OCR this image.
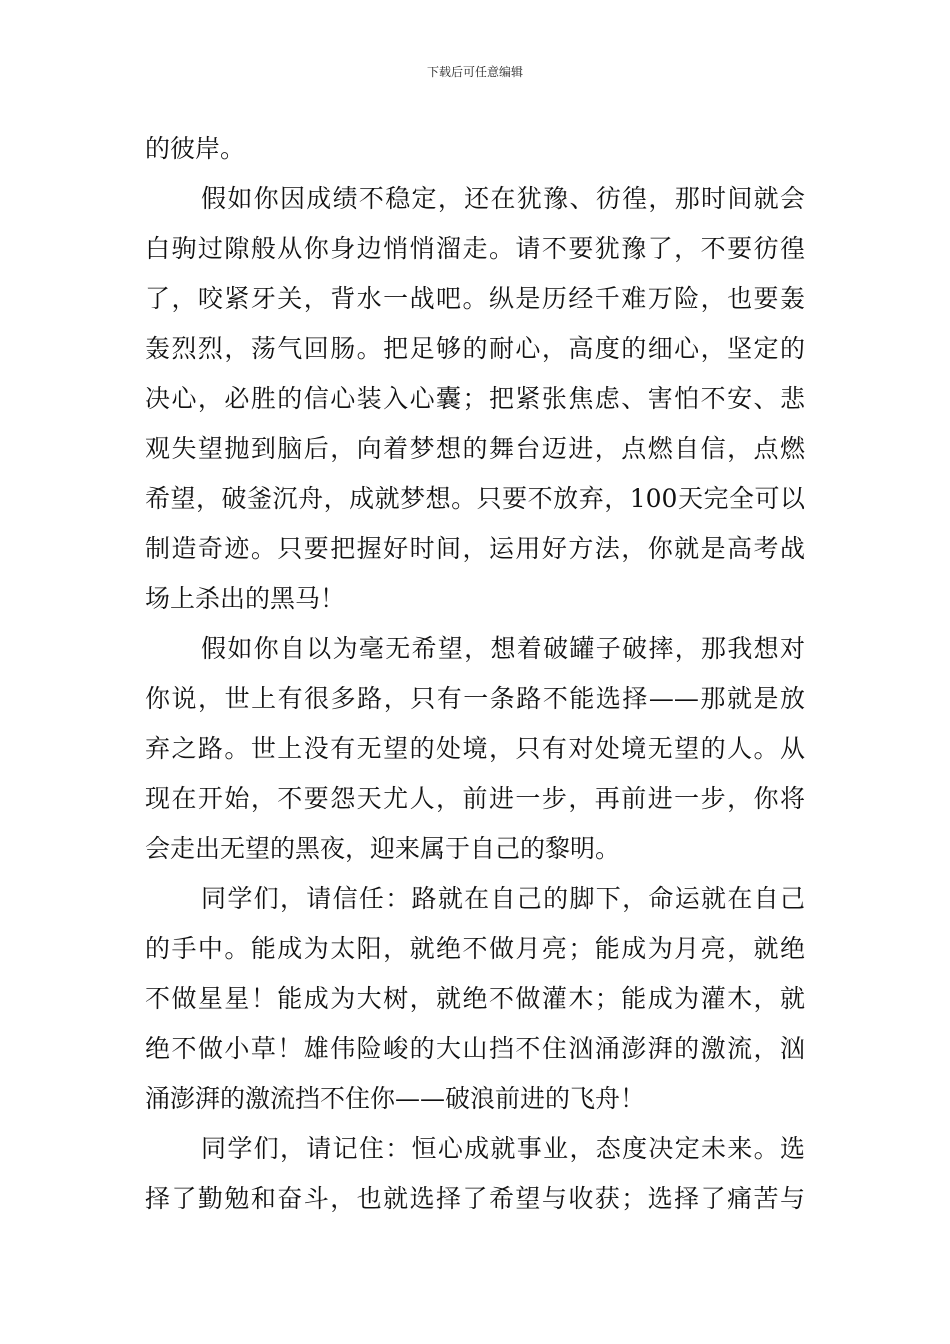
下载后可任意编辑
的彼岸。
假如你因成绩不稳定，还在犹豫、彷徨，那时间就会
白驹过隙般从你身边悄悄溜走。请不要犹豫了，不要彷徨
了，咬紧牙关，背水一战吧。纵是历经千难万险，也要轰
轰烈烈，荡气回肠。把足够的耐心，高度的细心，坚定的
决心，必胜的信心装入心囊；把紧张焦虑、害怕不安、悲
观失望抛到脑后，向着梦想的舞台迈进，点燃自信，点燃
希望，破釜沉舟，成就梦想。只要不放弃，100天完全可以
制造奇迹。只要把握好时间，运用好方法，你就是高考战
场上杀出的黑马！
假如你自以为毫无希望，想着破罐子破摔，那我想对
你说，世上有很多路，只有一条路不能选择——那就是放
弃之路。世上没有无望的处境，只有对处境无望的人。从
现在开始，不要怨天尤人，前进一步，再前进一步，你将
会走出无望的黑夜，迎来属于自己的黎明。
同学们，请信任：路就在自己的脚下，命运就在自己
的手中。能成为太阳，就绝不做月亮；能成为月亮，就绝
不做星星！能成为大树，就绝不做灌木；能成为灌木，就
绝不做小草！雄伟险峻的大山挡不住汹涌澎湃的激流，汹
涌澎湃的激流挡不住你——破浪前进的飞舟！
同学们，请记住：恒心成就事业，态度决定未来。选
择了勤勉和奋斗，也就选择了希望与收获；选择了痛苦与
